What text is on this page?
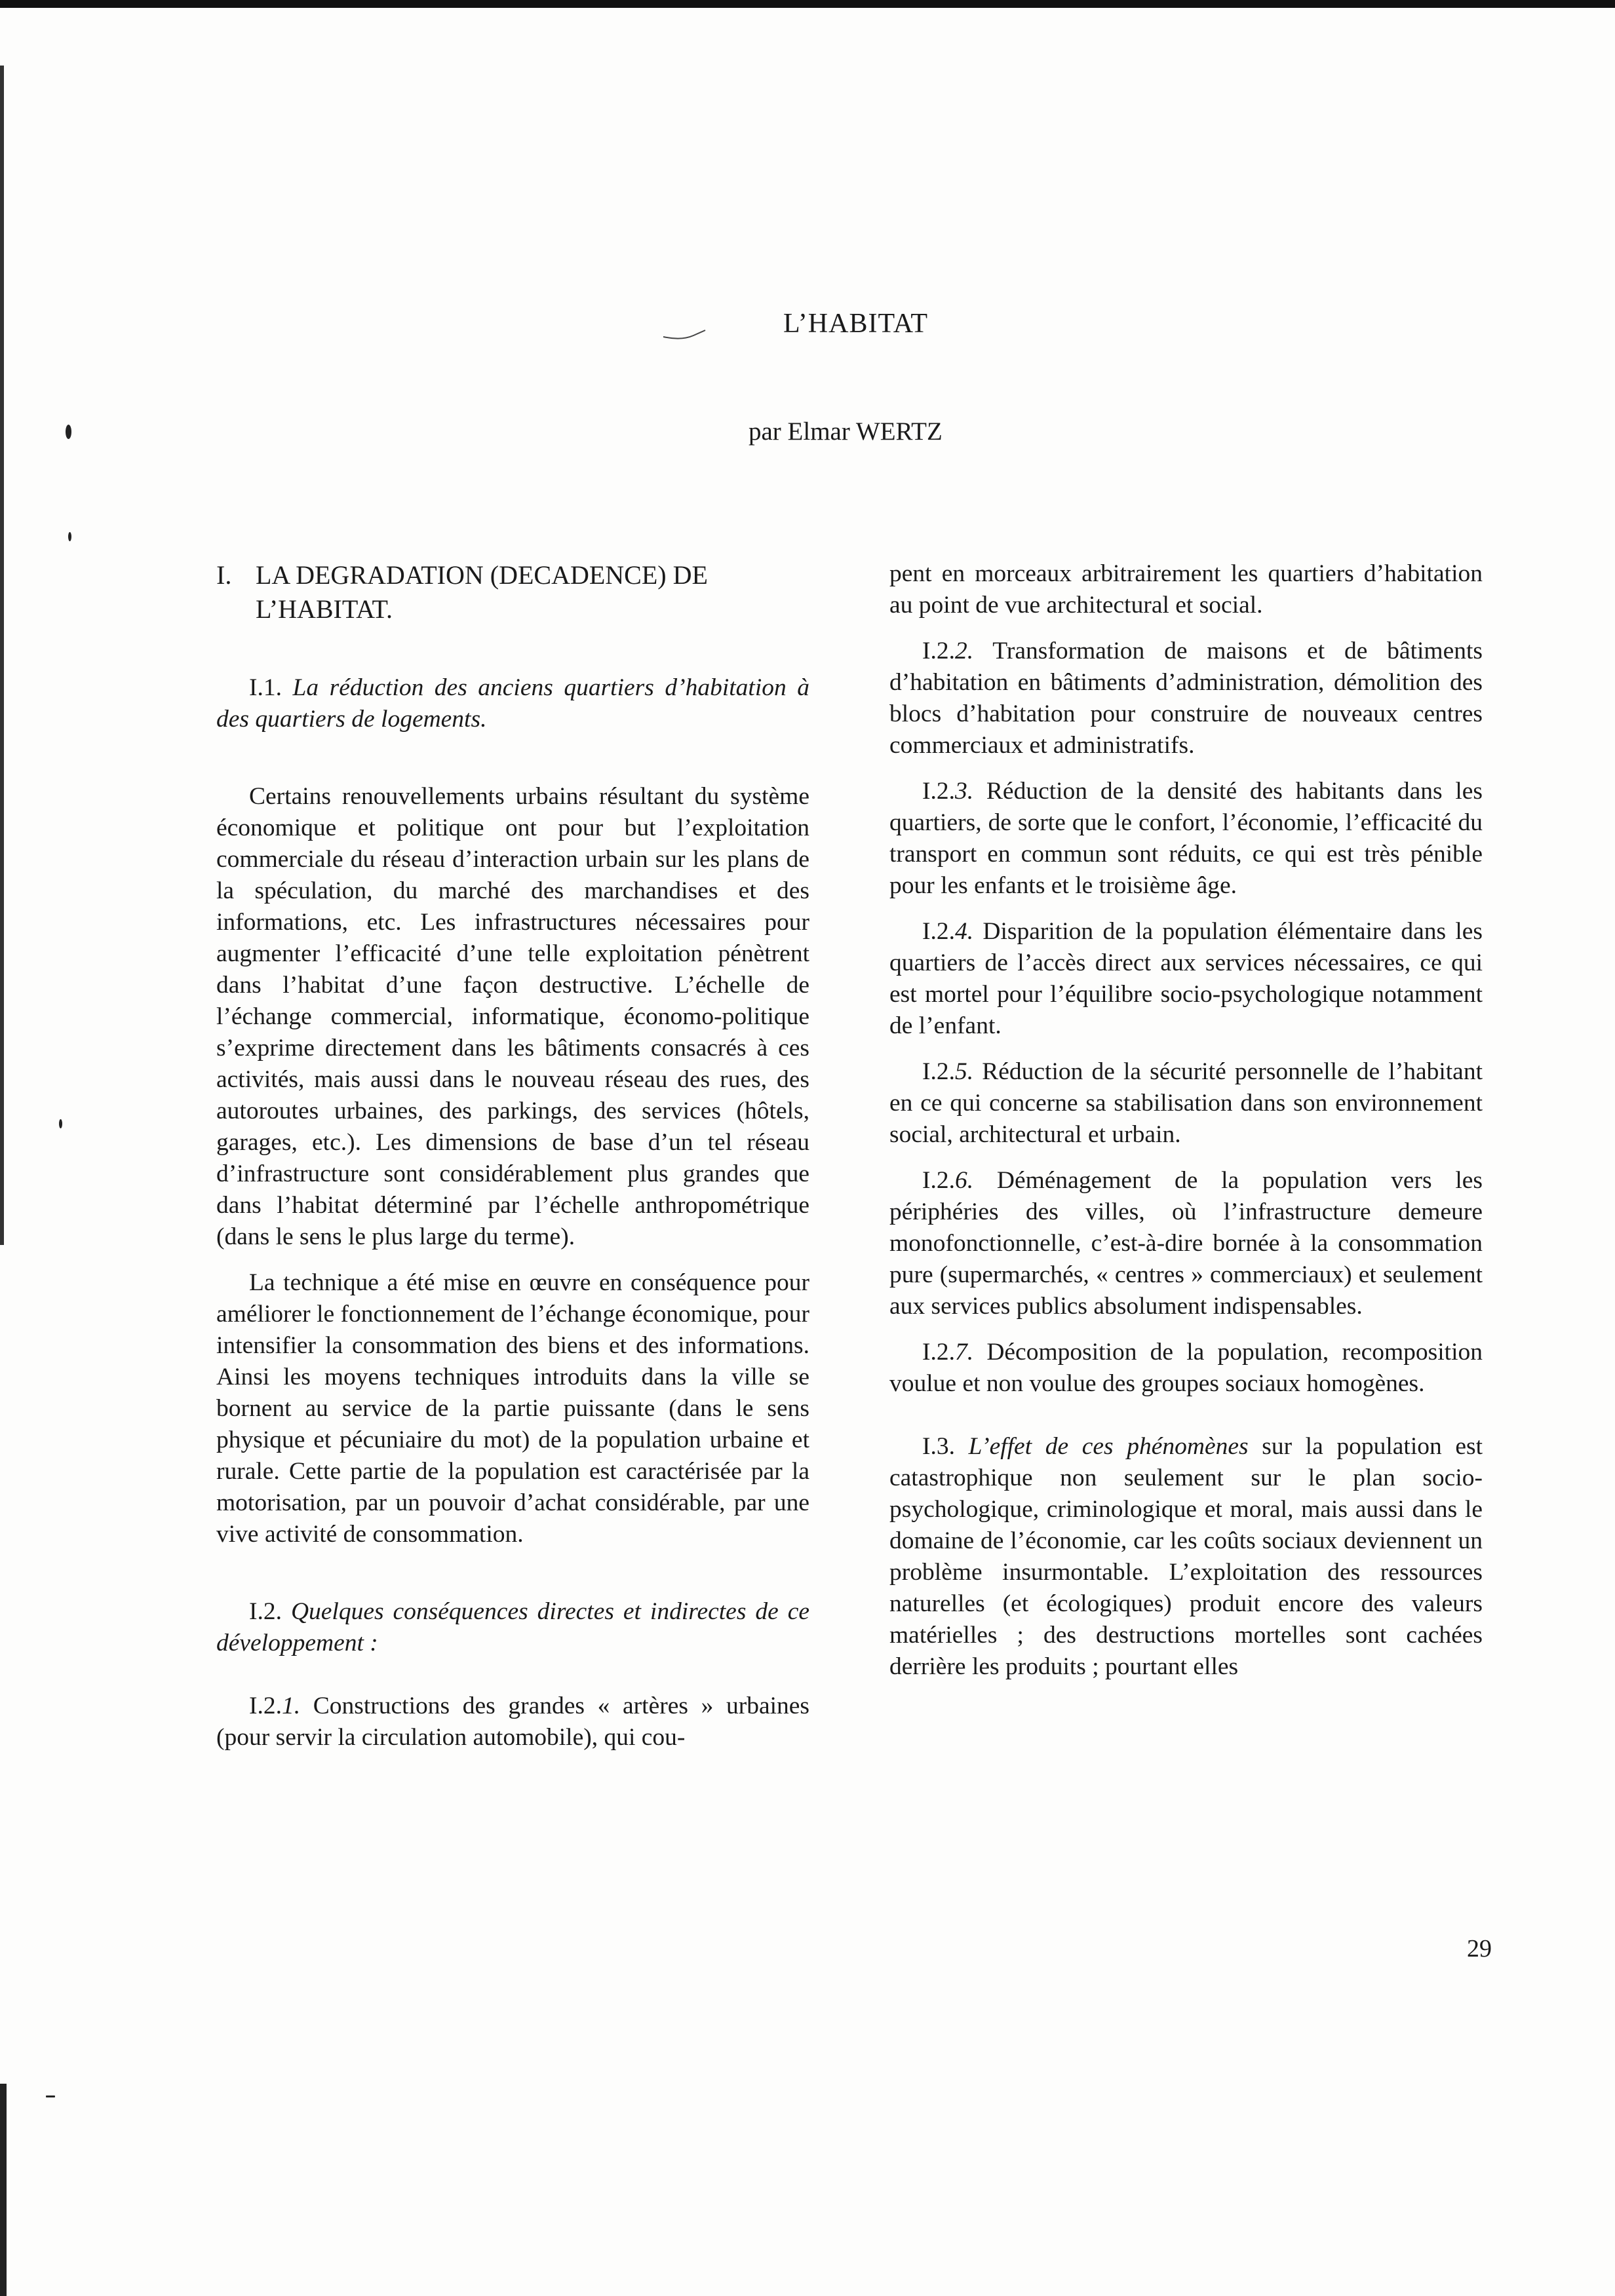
L’HABITAT

par Elmar WERTZ

I. LA DEGRADATION (DECADENCE) DE L’HABITAT.

I.1. La réduction des anciens quartiers d’habitation à des quartiers de logements.

Certains renouvellements urbains résultant du système économique et politique ont pour but l’exploitation commerciale du réseau d’interaction urbain sur les plans de la spéculation, du marché des marchandises et des informations, etc. Les infrastructures nécessaires pour augmenter l’efficacité d’une telle exploitation pénètrent dans l’habitat d’une façon destructive. L’échelle de l’échange commercial, informatique, économo-politique s’exprime directement dans les bâtiments consacrés à ces activités, mais aussi dans le nouveau réseau des rues, des autoroutes urbaines, des parkings, des services (hôtels, garages, etc.). Les dimensions de base d’un tel réseau d’infrastructure sont considérablement plus grandes que dans l’habitat déterminé par l’échelle anthropométrique (dans le sens le plus large du terme).

La technique a été mise en œuvre en conséquence pour améliorer le fonctionnement de l’échange économique, pour intensifier la consommation des biens et des informations. Ainsi les moyens techniques introduits dans la ville se bornent au service de la partie puissante (dans le sens physique et pécuniaire du mot) de la population urbaine et rurale. Cette partie de la population est caractérisée par la motorisation, par un pouvoir d’achat considérable, par une vive activité de consommation.

I.2. Quelques conséquences directes et indirectes de ce développement :

I.2.1. Constructions des grandes « artères » urbaines (pour servir la circulation automobile), qui cou-

pent en morceaux arbitrairement les quartiers d’habitation au point de vue architectural et social.

I.2.2. Transformation de maisons et de bâtiments d’habitation en bâtiments d’administration, démolition des blocs d’habitation pour construire de nouveaux centres commerciaux et administratifs.

I.2.3. Réduction de la densité des habitants dans les quartiers, de sorte que le confort, l’économie, l’efficacité du transport en commun sont réduits, ce qui est très pénible pour les enfants et le troisième âge.

I.2.4. Disparition de la population élémentaire dans les quartiers de l’accès direct aux services nécessaires, ce qui est mortel pour l’équilibre socio-psychologique notamment de l’enfant.

I.2.5. Réduction de la sécurité personnelle de l’habitant en ce qui concerne sa stabilisation dans son environnement social, architectural et urbain.

I.2.6. Déménagement de la population vers les périphéries des villes, où l’infrastructure demeure monofonctionnelle, c’est-à-dire bornée à la consommation pure (supermarchés, « centres » commerciaux) et seulement aux services publics absolument indispensables.

I.2.7. Décomposition de la population, recomposition voulue et non voulue des groupes sociaux homogènes.

I.3. L’effet de ces phénomènes sur la population est catastrophique non seulement sur le plan socio-psychologique, criminologique et moral, mais aussi dans le domaine de l’économie, car les coûts sociaux deviennent un problème insurmontable. L’exploitation des ressources naturelles (et écologiques) produit encore des valeurs matérielles ; des destructions mortelles sont cachées derrière les produits ; pourtant elles

29
